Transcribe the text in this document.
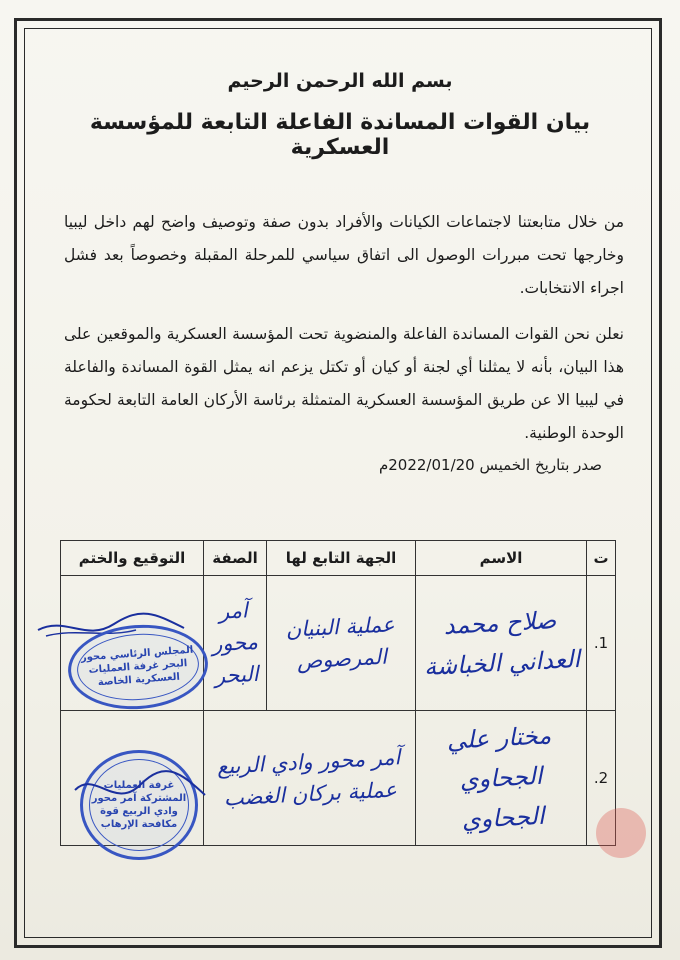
بسم الله الرحمن الرحيم
بيان القوات المساندة الفاعلة التابعة للمؤسسة العسكرية
من خلال متابعتنا لاجتماعات الكيانات والأفراد بدون صفة وتوصيف واضح لهم داخل ليبيا وخارجها تحت مبررات الوصول الى اتفاق سياسي للمرحلة المقبلة وخصوصاً بعد فشل اجراء الانتخابات.
نعلن نحن القوات المساندة الفاعلة والمنضوية تحت المؤسسة العسكرية والموقعين على هذا البيان، بأنه لا يمثلنا أي لجنة أو كيان أو تكتل يزعم انه يمثل القوة المساندة والفاعلة في ليبيا الا عن طريق المؤسسة العسكرية المتمثلة برئاسة الأركان العامة التابعة لحكومة الوحدة الوطنية.
صدر بتاريخ الخميس 2022/01/20م
ت	الاسم	الجهة التابع لها	الصفة	التوقيع والختم
1.	صلاح محمد العداني الخباشة	عملية البنيان المرصوص	آمر محور البحر	

2.	مختار علي الجحاوي الجحاوي	آمر محور وادي الربيع عملية بركان الغضب		

المجلس الرئاسي محور البحر غرفة العمليات العسكرية الخاصة
غرفة العمليات المشتركة آمر محور وادي الربيع قوة مكافحة الإرهاب
